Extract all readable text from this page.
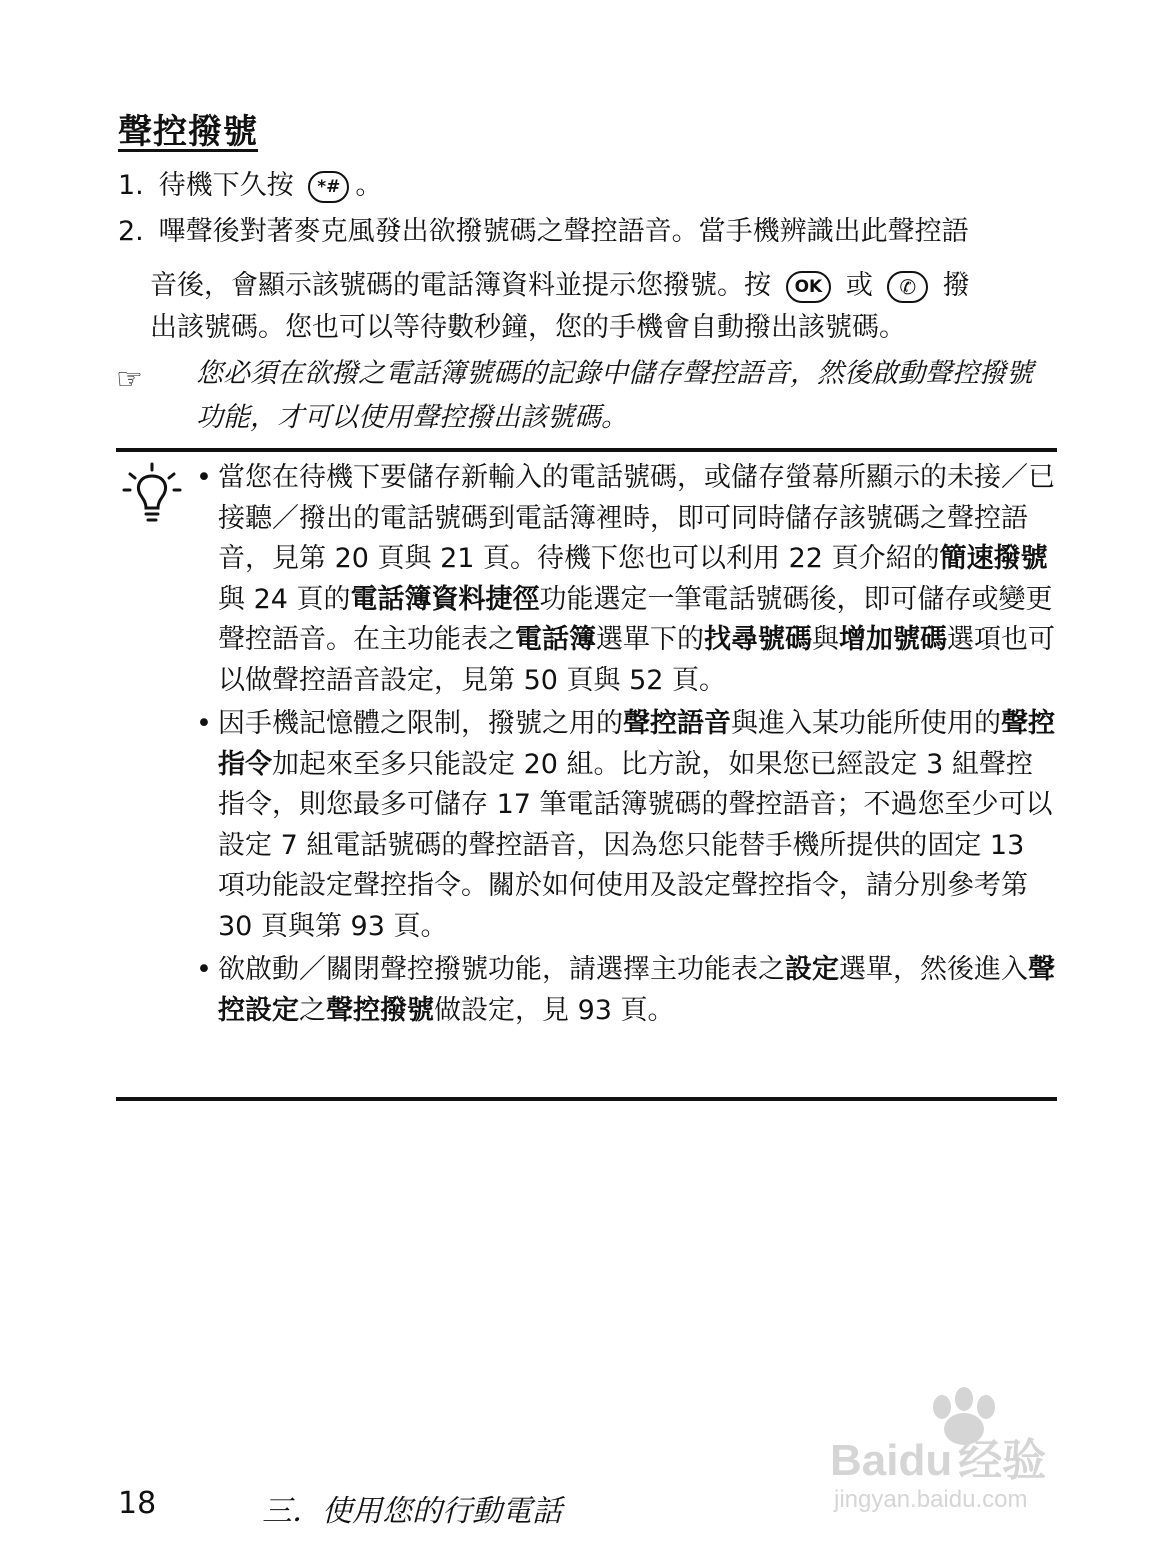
聲控撥號
1. 待機下久按 *# 。
2. 嗶聲後對著麥克風發出欲撥號碼之聲控語音。當手機辨識出此聲控語
音後，會顯示該號碼的電話簿資料並提示您撥號。按 OK 或 ✆ 撥
出該號碼。您也可以等待數秒鐘，您的手機會自動撥出該號碼。
☞ 您必須在欲撥之電話簿號碼的記錄中儲存聲控語音，然後啟動聲控撥號功能，才可以使用聲控撥出該號碼。
• 當您在待機下要儲存新輸入的電話號碼，或儲存螢幕所顯示的未接／已接聽／撥出的電話號碼到電話簿裡時，即可同時儲存該號碼之聲控語音，見第 20 頁與 21 頁。待機下您也可以利用 22 頁介紹的簡速撥號與 24 頁的電話簿資料捷徑功能選定一筆電話號碼後，即可儲存或變更聲控語音。在主功能表之電話簿選單下的找尋號碼與增加號碼選項也可以做聲控語音設定，見第 50 頁與 52 頁。
• 因手機記憶體之限制，撥號之用的聲控語音與進入某功能所使用的聲控指令加起來至多只能設定 20 組。比方說，如果您已經設定 3 組聲控指令，則您最多可儲存 17 筆電話簿號碼的聲控語音；不過您至少可以設定 7 組電話號碼的聲控語音，因為您只能替手機所提供的固定 13 項功能設定聲控指令。關於如何使用及設定聲控指令，請分別參考第 30 頁與第 93 頁。
• 欲啟動／關閉聲控撥號功能，請選擇主功能表之設定選單，然後進入聲控設定之聲控撥號做設定，見 93 頁。
Baidu 经验
jingyan.baidu.com
18	三．使用您的行動電話
